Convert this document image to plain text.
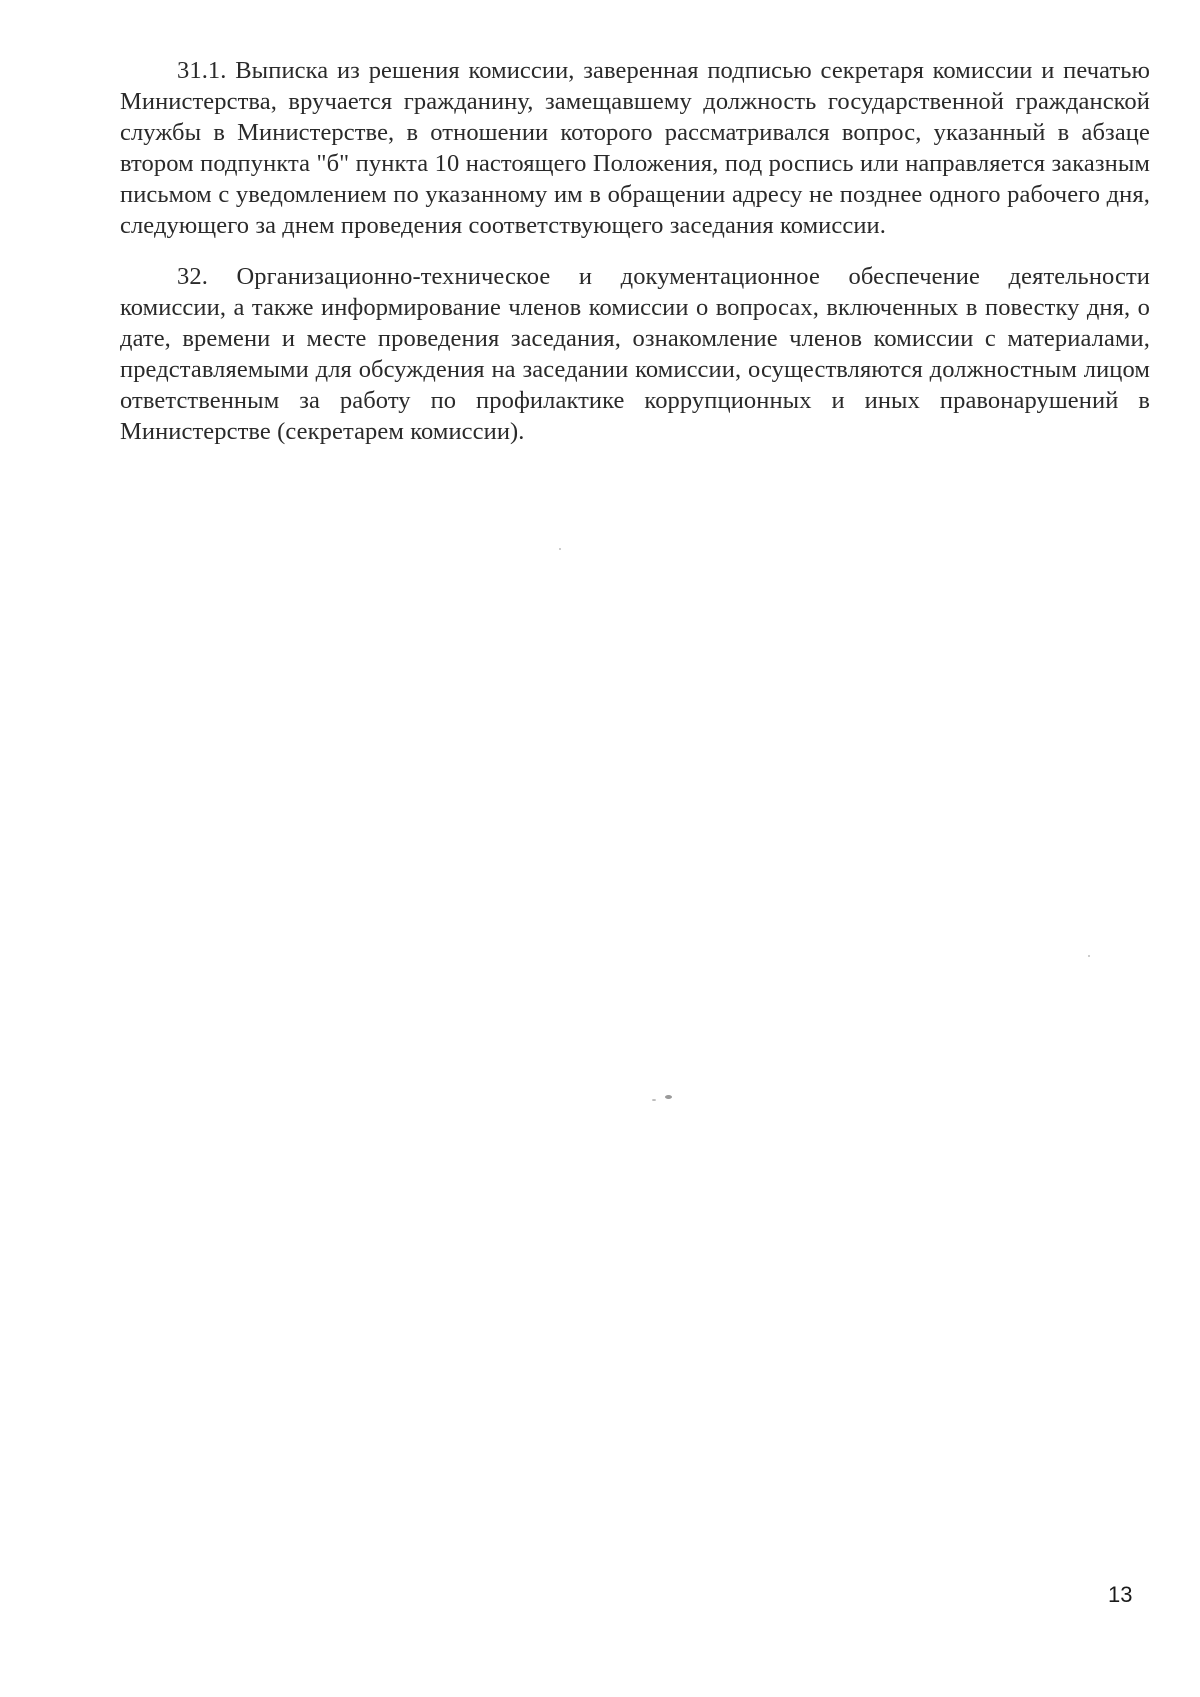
31.1. Выписка из решения комиссии, заверенная подписью секретаря комиссии и печатью Министерства, вручается гражданину, замещавшему должность государственной гражданской службы в Министерстве, в отношении которого рассматривался вопрос, указанный в абзаце втором подпункта "б" пункта 10 настоящего Положения, под роспись или направляется заказным письмом с уведомлением по указанному им в обращении адресу не позднее одного рабочего дня, следующего за днем проведения соответствующего заседания комиссии.

32. Организационно-техническое и документационное обеспечение деятельности комиссии, а также информирование членов комиссии о вопросах, включенных в повестку дня, о дате, времени и месте проведения заседания, ознакомление членов комиссии с материалами, представляемыми для обсуждения на заседании комиссии, осуществляются должностным лицом ответственным за работу по профилактике коррупционных и иных правонарушений в Министерстве (секретарем комиссии).

13
